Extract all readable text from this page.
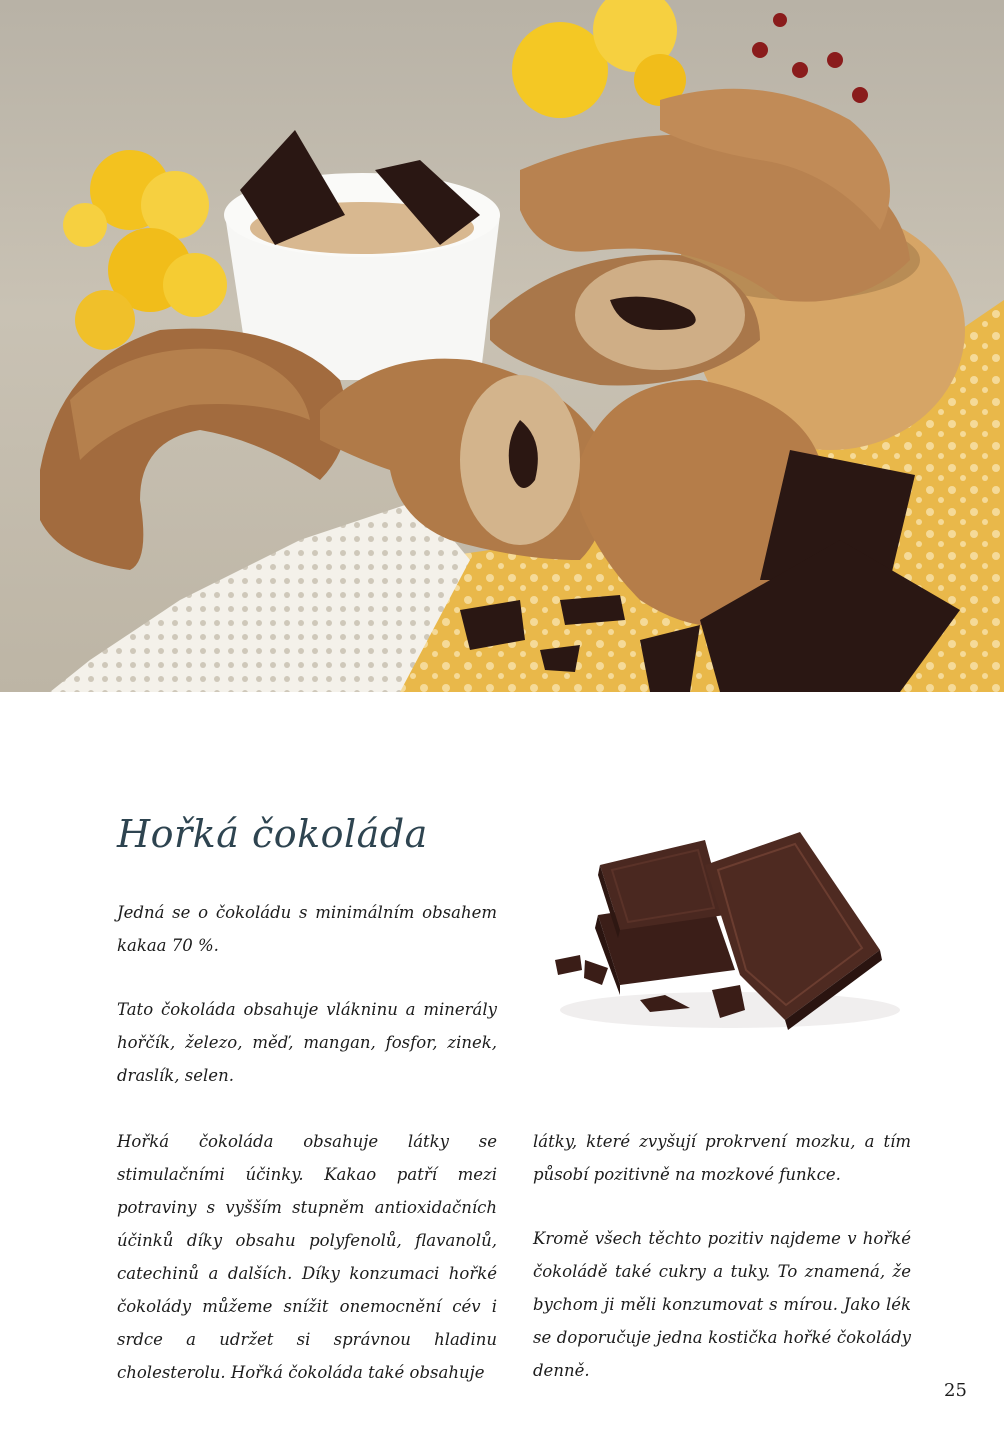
Hořká čokoláda

Jedná se o čokoládu s minimálním obsahem kakaa 70 %.

Tato čokoláda obsahuje vlákninu a minerály hořčík, železo, měď, mangan, fosfor, zinek, draslík, selen.

Hořká čokoláda obsahuje látky se stimulačními účinky. Kakao patří mezi potraviny s vyšším stupněm antioxidačních účinků díky obsahu polyfenolů, flavanolů, catechinů a dalších. Díky konzumaci hořké čokolády můžeme snížit onemocnění cév i srdce a udržet si správnou hladinu cholesterolu. Hořká čokoláda také obsahuje

látky, které zvyšují prokrvení mozku, a tím působí pozitivně na mozkové funkce.

Kromě všech těchto pozitiv najdeme v hořké čokoládě také cukry a tuky. To znamená, že bychom ji měli konzumovat s mírou. Jako lék se doporučuje jedna kostička hořké čokolády denně.

25
